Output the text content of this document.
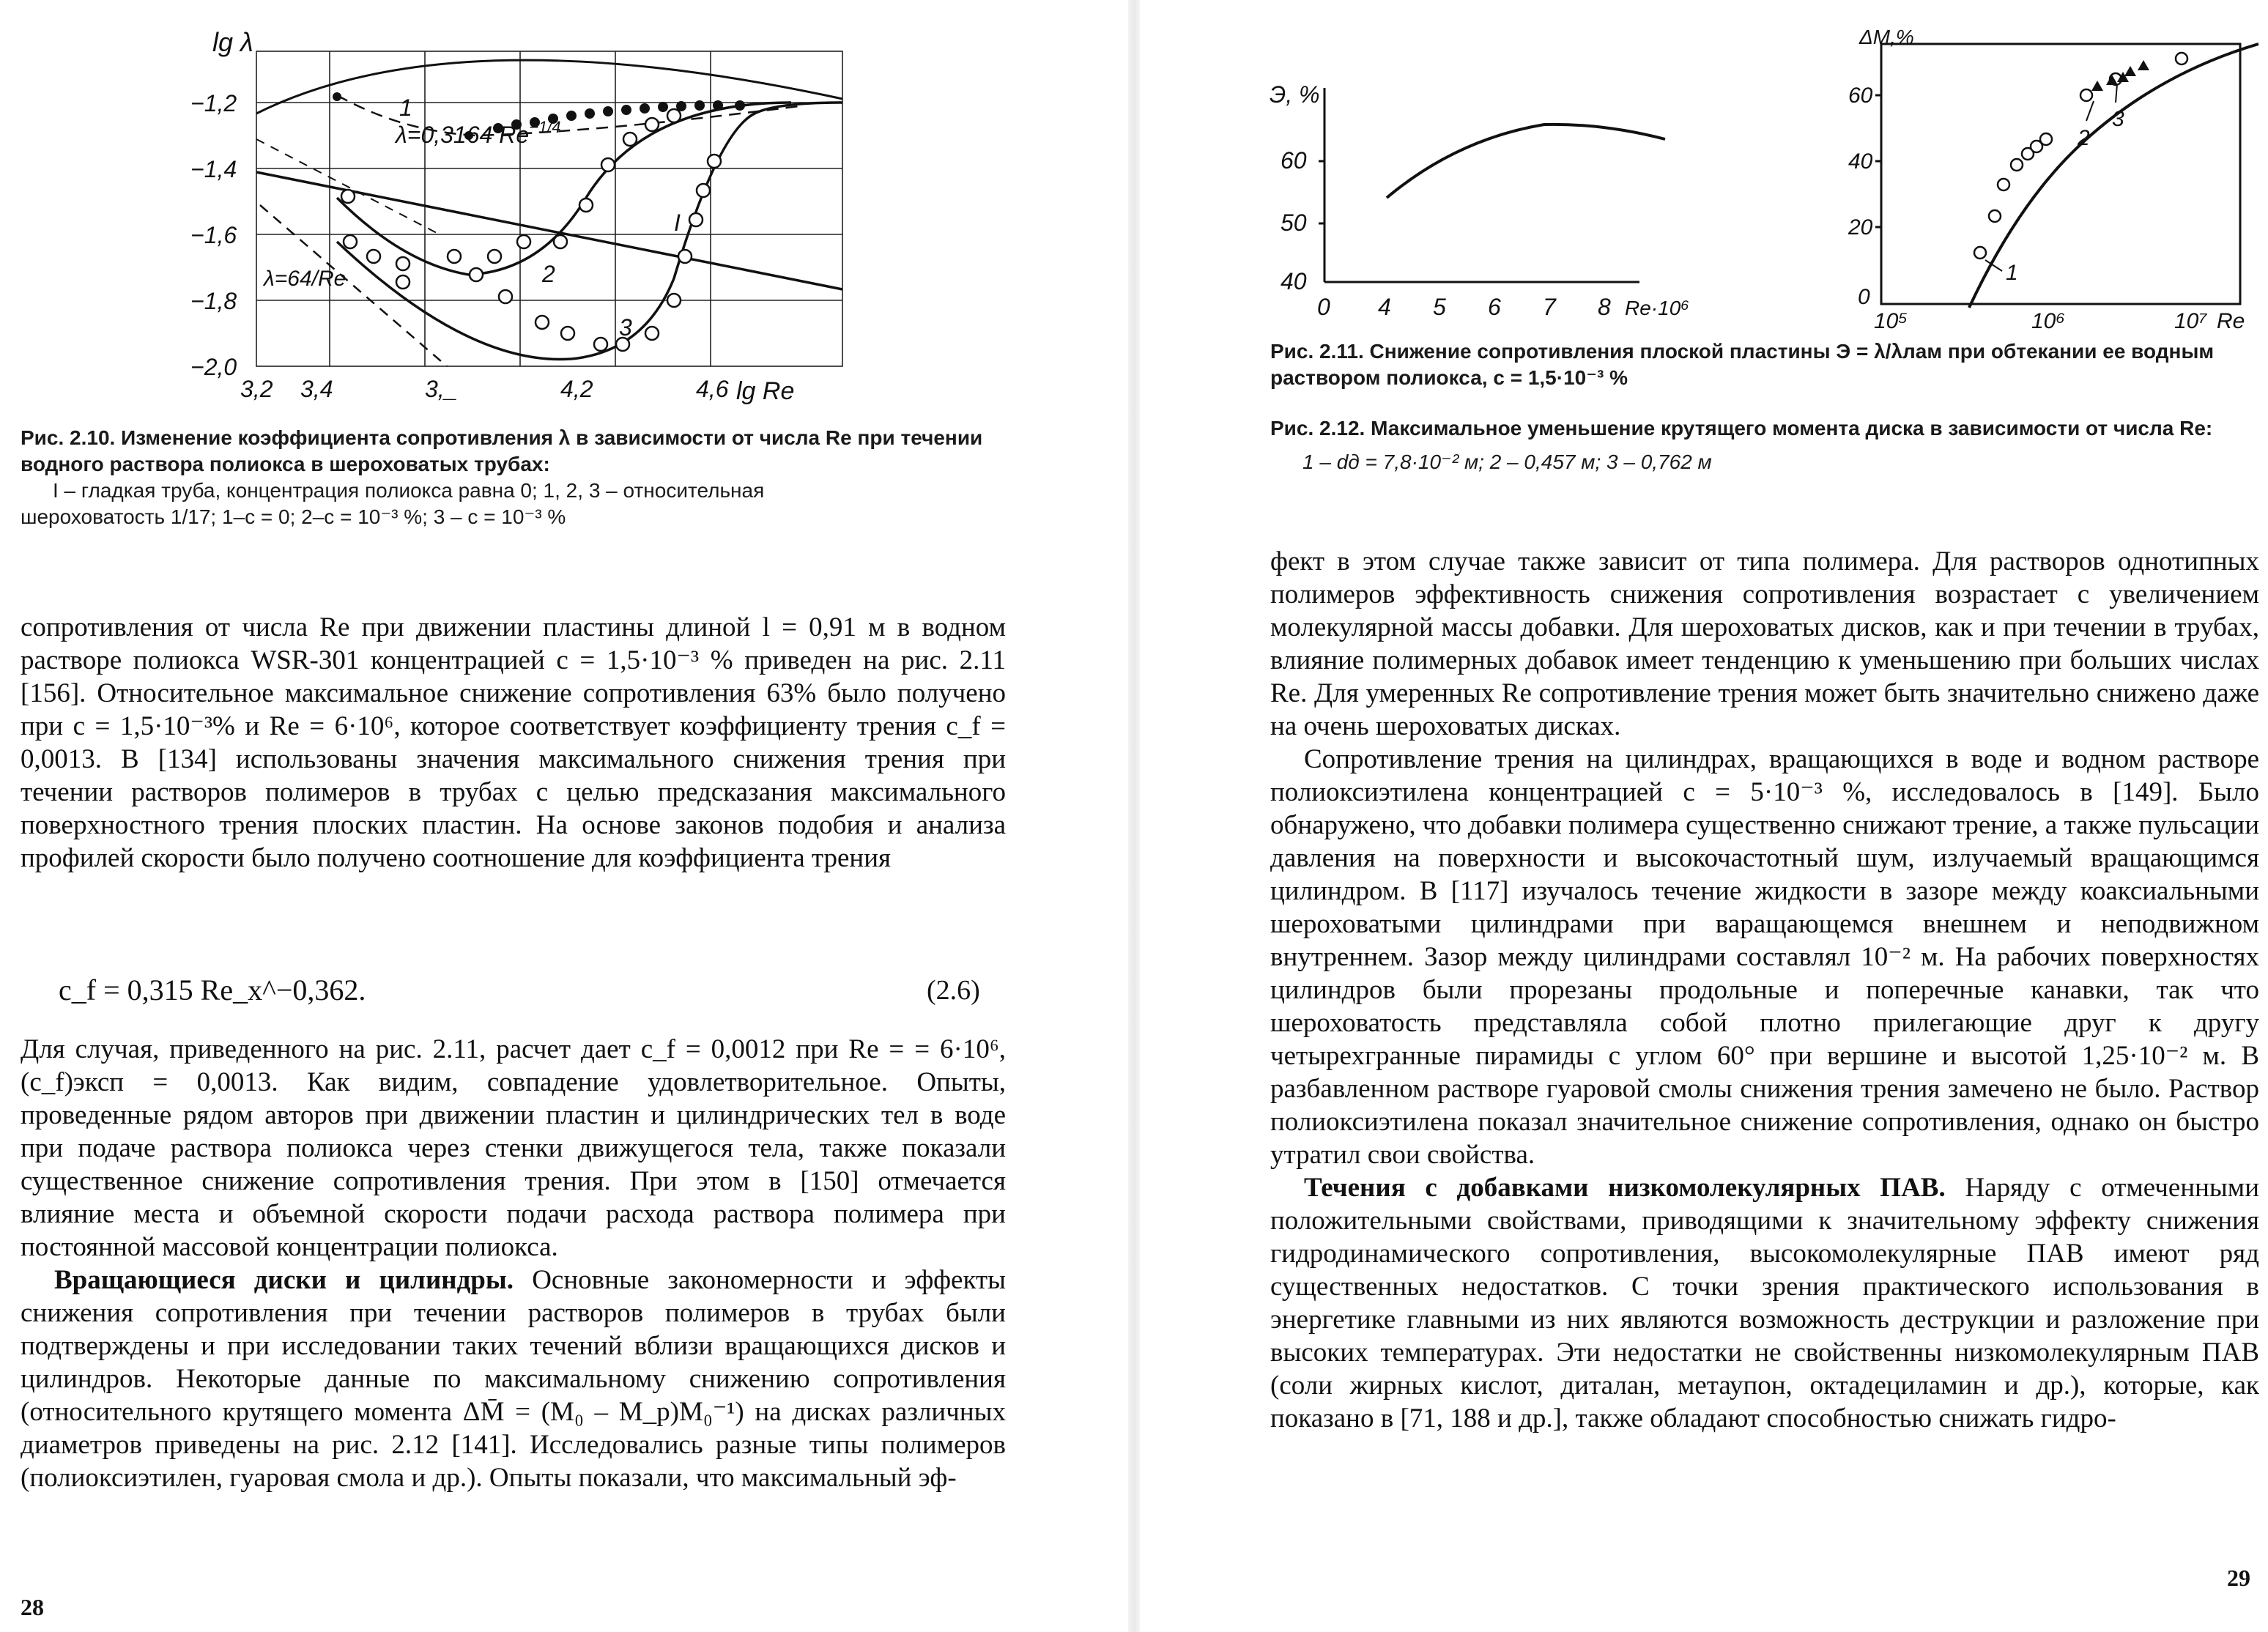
lg λ
lg Re
−1,2
−1,4
−1,6
−1,8
−2,0
3,2 3,4	3,_	4,2	4,6
λ=0,3164 $Re^{-1/4}$
λ=64/Re
1
2
3
I
Рис. 2.10. Изменение коэффициента сопротивления λ в зависимости от числа Re при течении водного раствора полиокса в шероховатых трубах:
I – гладкая труба, концентрация полиокса равна 0; 1, 2, 3 – относительная
шероховатость 1/17; 1–c = 0; 2–c = 10⁻³ %; 3 – c = 10⁻³ %

сопротивления от числа Re при движении пластины длиной l = 0,91 м в водном растворе полиокса WSR-301 концентрацией c = 1,5·10⁻³ % приведен на рис. 2.11 [156]. Относительное максимальное снижение сопротивления 63% было получено при c = 1,5·10⁻³% и Re = 6·10⁶, которое соответствует коэффициенту трения c_f = 0,0013. В [134] использованы значения максимального снижения трения при течении растворов полимеров в трубах с целью предсказания максимального поверхностного трения плоских пластин. На основе законов подобия и анализа профилей скорости было получено соотношение для коэффициента трения

c_f = 0,315 Re_x^−0,362.	(2.6)

Для случая, приведенного на рис. 2.11, расчет дает c_f = 0,0012 при Re = = 6·10⁶, (c_f)эксп = 0,0013. Как видим, совпадение удовлетворительное. Опыты, проведенные рядом авторов при движении пластин и цилиндрических тел в воде при подаче раствора полиокса через стенки движущегося тела, также показали существенное снижение сопротивления трения. При этом в [150] отмечается влияние места и объемной скорости подачи расхода раствора полимера при постоянной массовой концентрации полиокса.

Вращающиеся диски и цилиндры. Основные закономерности и эффекты снижения сопротивления при течении растворов полимеров в трубах были подтверждены и при исследовании таких течений вблизи вращающихся дисков и цилиндров. Некоторые данные по максимальному снижению сопротивления (относительного крутящего момента ΔM̄ = (M₀ – M_p)M₀⁻¹) на дисках различных диаметров приведены на рис. 2.12 [141]. Исследовались разные типы полимеров (полиоксиэтилен, гуаровая смола и др.). Опыты показали, что максимальный эф-

28
Э, %
60
50
40
0 4 5 6 7 8 Re·10⁶
ΔM,%
60
40
20
0
10⁵	10⁶	10⁷ Re
1
2
3
Рис. 2.11. Снижение сопротивления плоской пластины Э = λ/λлам при обтекании ее водным раствором полиокса, c = 1,5·10⁻³ %
Рис. 2.12. Максимальное уменьшение крутящего момента диска в зависимости от числа Re:
1 – dд = 7,8·10⁻² м; 2 – 0,457 м; 3 – 0,762 м

фект в этом случае также зависит от типа полимера. Для растворов однотипных полимеров эффективность снижения сопротивления возрастает с увеличением молекулярной массы добавки. Для шероховатых дисков, как и при течении в трубах, влияние полимерных добавок имеет тенденцию к уменьшению при больших числах Re. Для умеренных Re сопротивление трения может быть значительно снижено даже на очень шероховатых дисках.

Сопротивление трения на цилиндрах, вращающихся в воде и водном растворе полиоксиэтилена концентрацией c = 5·10⁻³ %, исследовалось в [149]. Было обнаружено, что добавки полимера существенно снижают трение, а также пульсации давления на поверхности и высокочастотный шум, излучаемый вращающимся цилиндром. В [117] изучалось течение жидкости в зазоре между коаксиальными шероховатыми цилиндрами при варащающемся внешнем и неподвижном внутреннем. Зазор между цилиндрами составлял 10⁻² м. На рабочих поверхностях цилиндров были прорезаны продольные и поперечные канавки, так что шероховатость представляла собой плотно прилегающие друг к другу четырехгранные пирамиды с углом 60° при вершине и высотой 1,25·10⁻² м. В разбавленном растворе гуаровой смолы снижения трения замечено не было. Раствор полиоксиэтилена показал значительное снижение сопротивления, однако он быстро утратил свои свойства.

Течения с добавками низкомолекулярных ПАВ. Наряду с отмеченными положительными свойствами, приводящими к значительному эффекту снижения гидродинамического сопротивления, высокомолекулярные ПАВ имеют ряд существенных недостатков. С точки зрения практического использования в энергетике главными из них являются возможность деструкции и разложение при высоких температурах. Эти недостатки не свойственны низкомолекулярным ПАВ (соли жирных кислот, диталан, метаупон, октадециламин и др.), которые, как показано в [71, 188 и др.], также обладают способностью снижать гидро-

29
